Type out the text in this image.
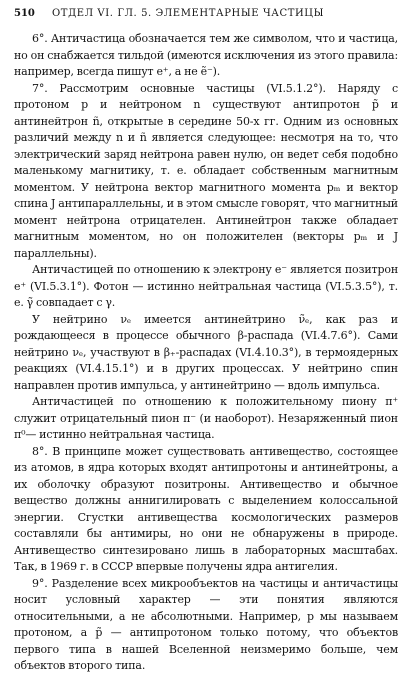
510	ОТДЕЛ VI. ГЛ. 5. ЭЛЕМЕНТАРНЫЕ ЧАСТИЦЫ

6°. Античастица обозначается тем же символом, что и частица, но он снабжается тильдой (имеются исключения из этого правила: например, всегда пишут e⁺, а не ẽ⁻).

7°. Рассмотрим основные частицы (VI.5.1.2°). Наряду с протоном p и нейтроном n существуют антипротон p̃ и антинейтрон ñ, открытые в середине 50-х гг. Одним из основных различий между n и ñ является следующее: несмотря на то, что электрический заряд нейтрона равен нулю, он ведет себя подобно маленькому магнитику, т. е. обладает собственным магнитным моментом. У нейтрона вектор магнитного момента pₘ и вектор спина J антипараллельны, и в этом смысле говорят, что магнитный момент нейтрона отрицателен. Антинейтрон также обладает магнитным моментом, но он положителен (векторы pₘ и J параллельны).

Античастицей по отношению к электрону e⁻ является позитрон e⁺ (VI.5.3.1°). Фотон — истинно нейтральная частица (VI.5.3.5°), т. е. γ̃ совпадает с γ.

У нейтрино νₑ имеется антинейтрино ν̃ₑ, как раз и рождающееся в процессе обычного β-распада (VI.4.7.6°). Сами нейтрино νₑ, участвуют в β₊-распадах (VI.4.10.3°), в термоядерных реакциях (VI.4.15.1°) и в других процессах. У нейтрино спин направлен против импульса, у антинейтрино — вдоль импульса.

Античастицей по отношению к положительному пиону π⁺ служит отрицательный пион π⁻ (и наоборот). Незаряженный пион π⁰— истинно нейтральная частица.

8°. В принципе может существовать антивещество, состоящее из атомов, в ядра которых входят антипротоны и антинейтроны, а их оболочку образуют позитроны. Антивещество и обычное вещество должны аннигилировать с выделением колоссальной энергии. Сгустки антивещества космологических размеров составляли бы антимиры, но они не обнаружены в природе. Антивещество синтезировано лишь в лабораторных масштабах. Так, в 1969 г. в СССР впервые получены ядра антигелия.

9°. Разделение всех микрообъектов на частицы и античастицы носит условный характер — эти понятия являются относительными, а не абсолютными. Например, p мы называем протоном, а p̃ — антипротоном только потому, что объектов первого типа в нашей Вселенной неизмеримо больше, чем объектов второго типа.
